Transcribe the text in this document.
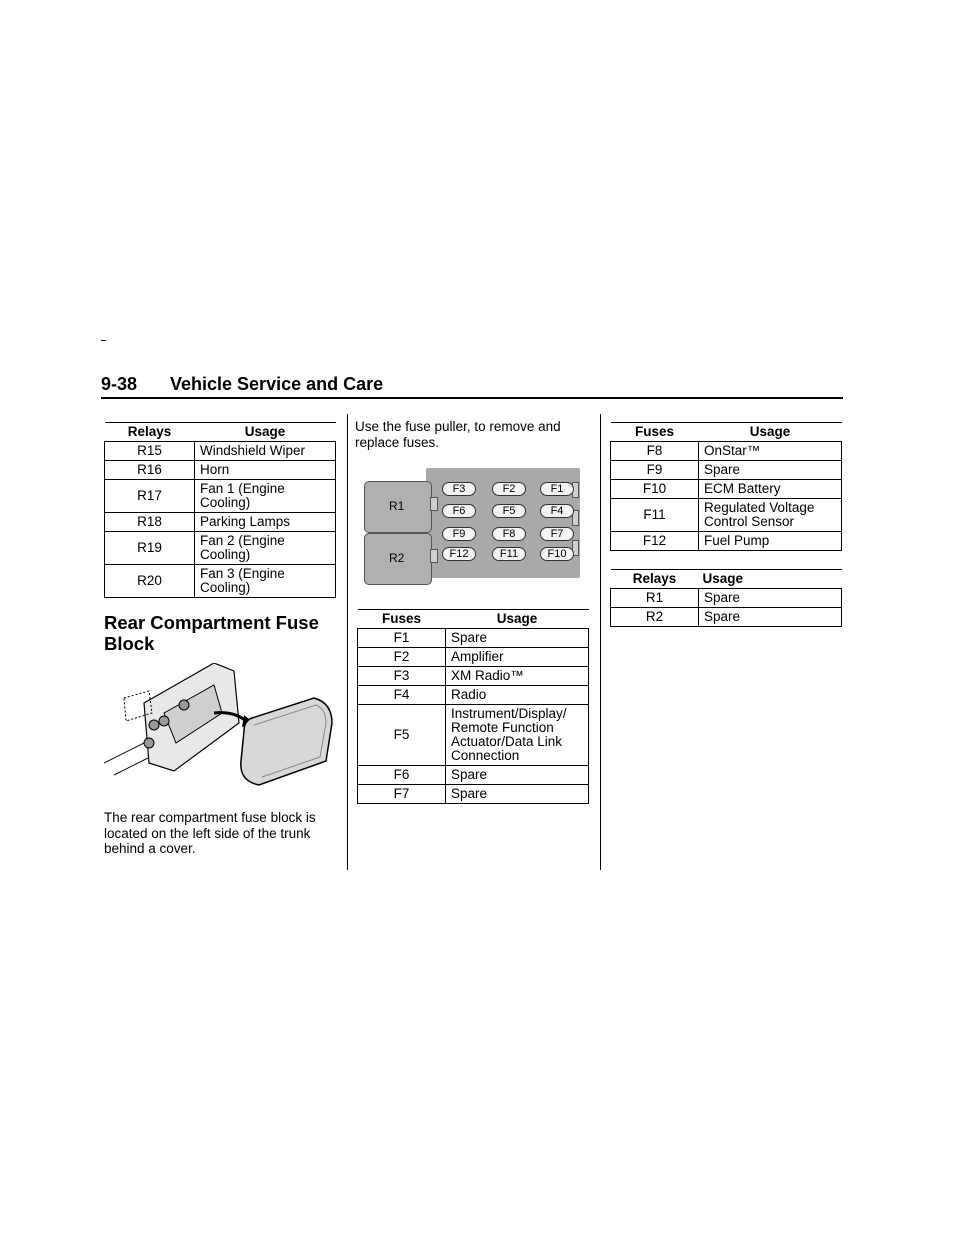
9-38 Vehicle Service and Care
Relays	Usage
R15	Windshield Wiper
R16	Horn
R17	Fan 1 (Engine Cooling)
R18	Parking Lamps
R19	Fan 2 (Engine Cooling)
R20	Fan 3 (Engine Cooling)
Rear Compartment Fuse Block
The rear compartment fuse block is located on the left side of the trunk behind a cover.
Use the fuse puller, to remove and replace fuses.
R1
R2
F3	F2	F1
F6	F5	F4
F9	F8	F7
F12	F11	F10
Fuses	Usage
F1	Spare
F2	Amplifier
F3	XM Radio™
F4	Radio
F5	Instrument/Display/ Remote Function Actuator/Data Link Connection
F6	Spare
F7	Spare
Fuses	Usage
F8	OnStar™
F9	Spare
F10	ECM Battery
F11	Regulated Voltage Control Sensor
F12	Fuel Pump
Relays	Usage
R1	Spare
R2	Spare
